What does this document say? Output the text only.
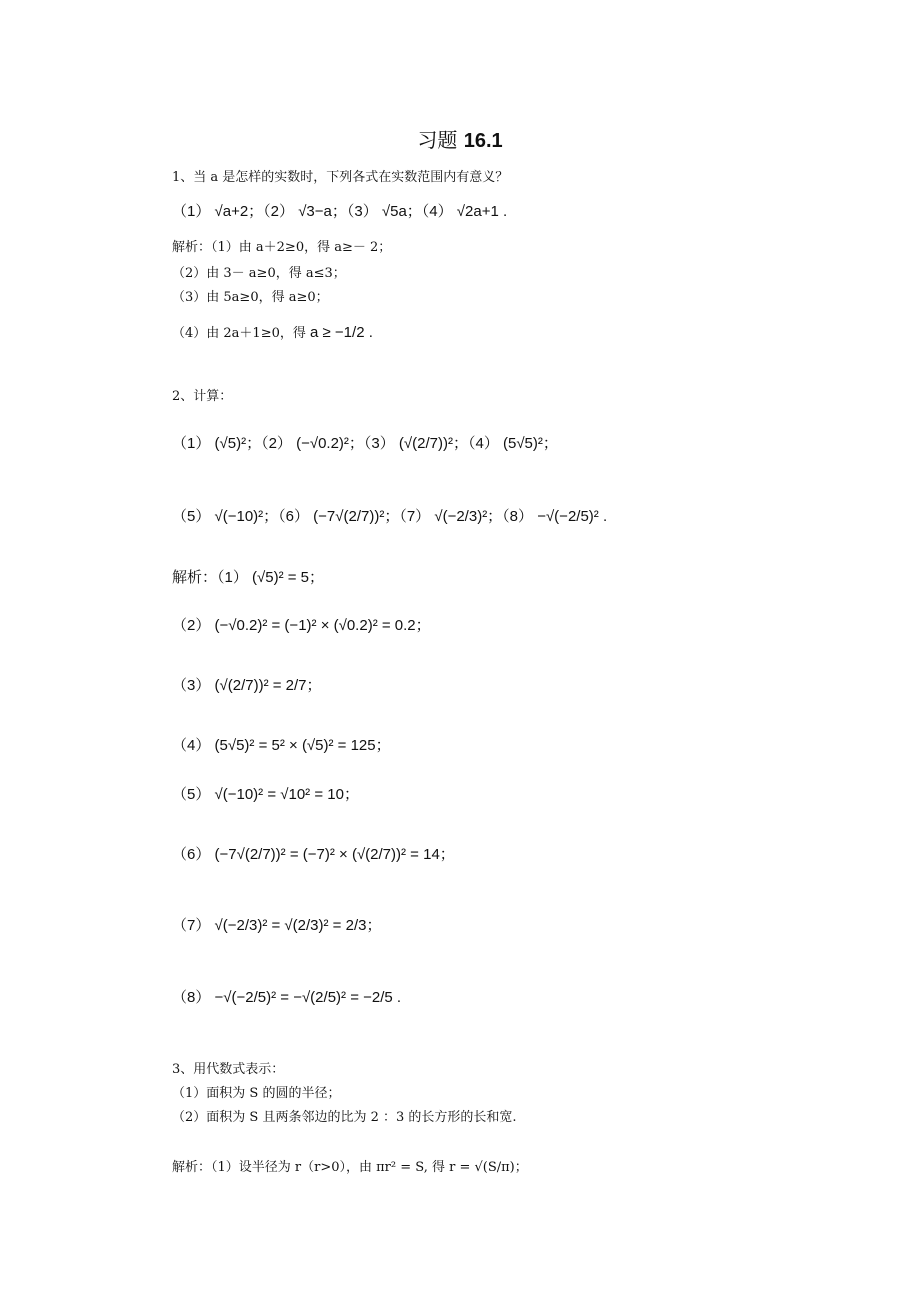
习题 16.1
1、当 a 是怎样的实数时，下列各式在实数范围内有意义？
（1） √a+2；（2） √3−a；（3） √5a；（4） √2a+1 .
解析：（1）由 a＋2≥0，得 a≥－ 2；
（2）由 3－ a≥0，得 a≤3；
（3）由 5a≥0，得 a≥0；
（4）由 2a＋1≥0，得 a ≥ −1/2 .
2、计算：
（1） (√5)²；（2） (−√0.2)²；（3） (√(2/7))²；（4） (5√5)²；
（5） √(−10)²；（6） (−7√(2/7))²；（7） √(−2/3)²；（8） −√(−2/5)² .
解析：（1） (√5)² = 5；
（2） (−√0.2)² = (−1)² × (√0.2)² = 0.2；
（3） (√(2/7))² = 2/7；
（4） (5√5)² = 5² × (√5)² = 125；
（5） √(−10)² = √10² = 10；
（6） (−7√(2/7))² = (−7)² × (√(2/7))² = 14；
（7） √(−2/3)² = √(2/3)² = 2/3；
（8） −√(−2/5)² = −√(2/5)² = −2/5 .
3、用代数式表示：
（1）面积为 S 的圆的半径；
（2）面积为 S 且两条邻边的比为 2 ：3 的长方形的长和宽.
解析：（1）设半径为 r（r>0），由 πr² = S, 得 r = √(S/π)；
